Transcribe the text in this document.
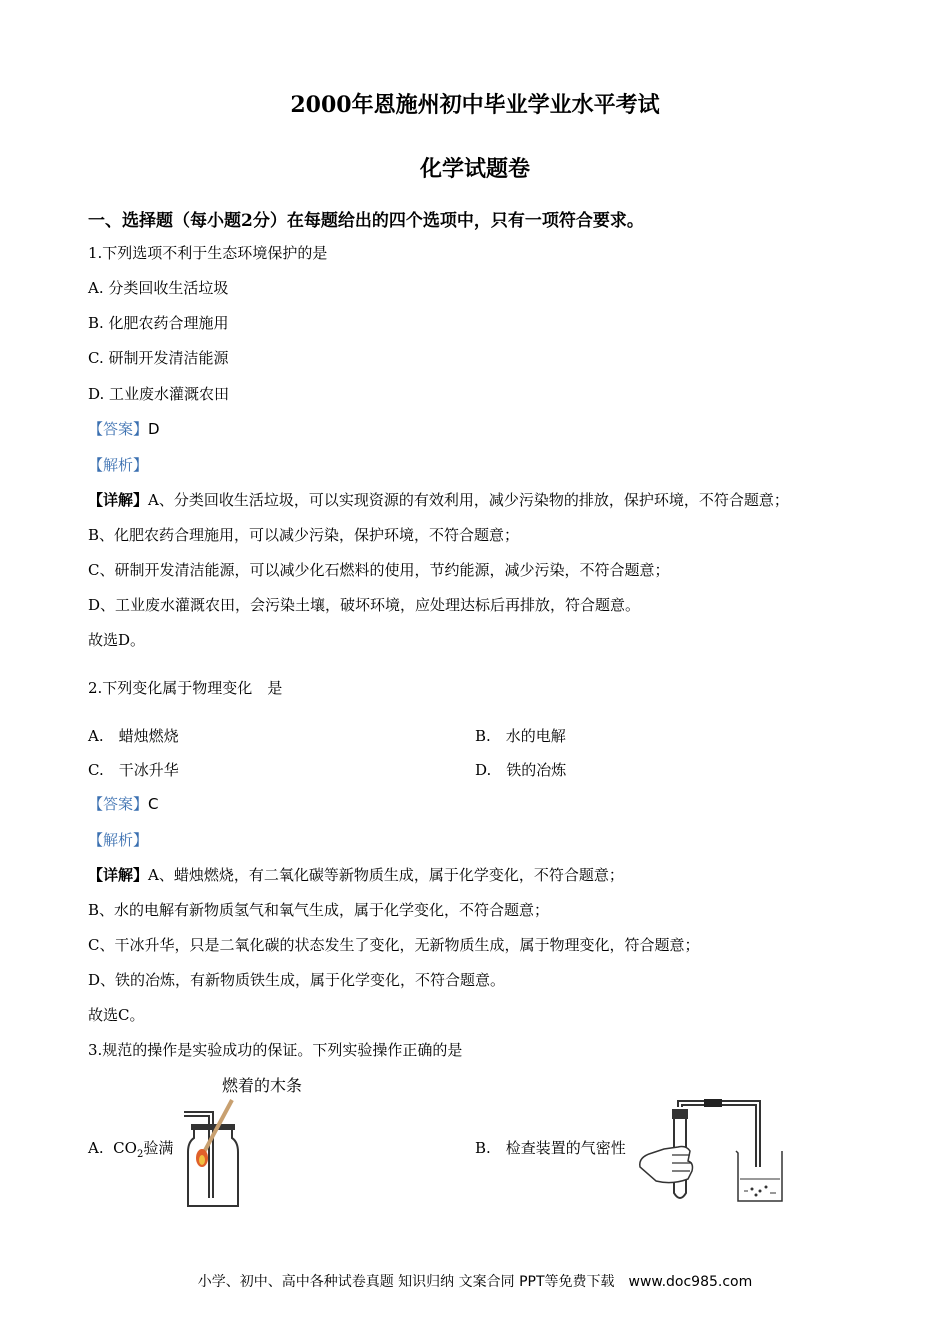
2000年恩施州初中毕业学业水平考试
化学试题卷
一、选择题（每小题2分）在每题给出的四个选项中，只有一项符合要求。
1.下列选项不利于生态环境保护的是
A. 分类回收生活垃圾
B. 化肥农药合理施用
C. 研制开发清洁能源
D. 工业废水灌溉农田
【答案】D
【解析】
【详解】A、分类回收生活垃圾，可以实现资源的有效利用，减少污染物的排放，保护环境，不符合题意；
B、化肥农药合理施用，可以减少污染，保护环境，不符合题意；
C、研制开发清洁能源，可以减少化石燃料的使用，节约能源，减少污染，不符合题意；
D、工业废水灌溉农田，会污染土壤，破坏环境，应处理达标后再排放，符合题意。
故选D。
2.下列变化属于物理变化　是
A.　蜡烛燃烧	B.　水的电解
C.　干冰升华	D.　铁的冶炼
【答案】C
【解析】
【详解】A、蜡烛燃烧，有二氧化碳等新物质生成，属于化学变化，不符合题意；
B、水的电解有新物质氢气和氧气生成，属于化学变化，不符合题意；
C、干冰升华，只是二氧化碳的状态发生了变化，无新物质生成，属于物理变化，符合题意；
D、铁的冶炼，有新物质铁生成，属于化学变化，不符合题意。
故选C。
3.规范的操作是实验成功的保证。下列实验操作正确的是
燃着的木条
A. $CO_2$验满	B.　检查装置的气密性
小学、初中、高中各种试卷真题 知识归纳 文案合同 PPT等免费下载　www.doc985.com
